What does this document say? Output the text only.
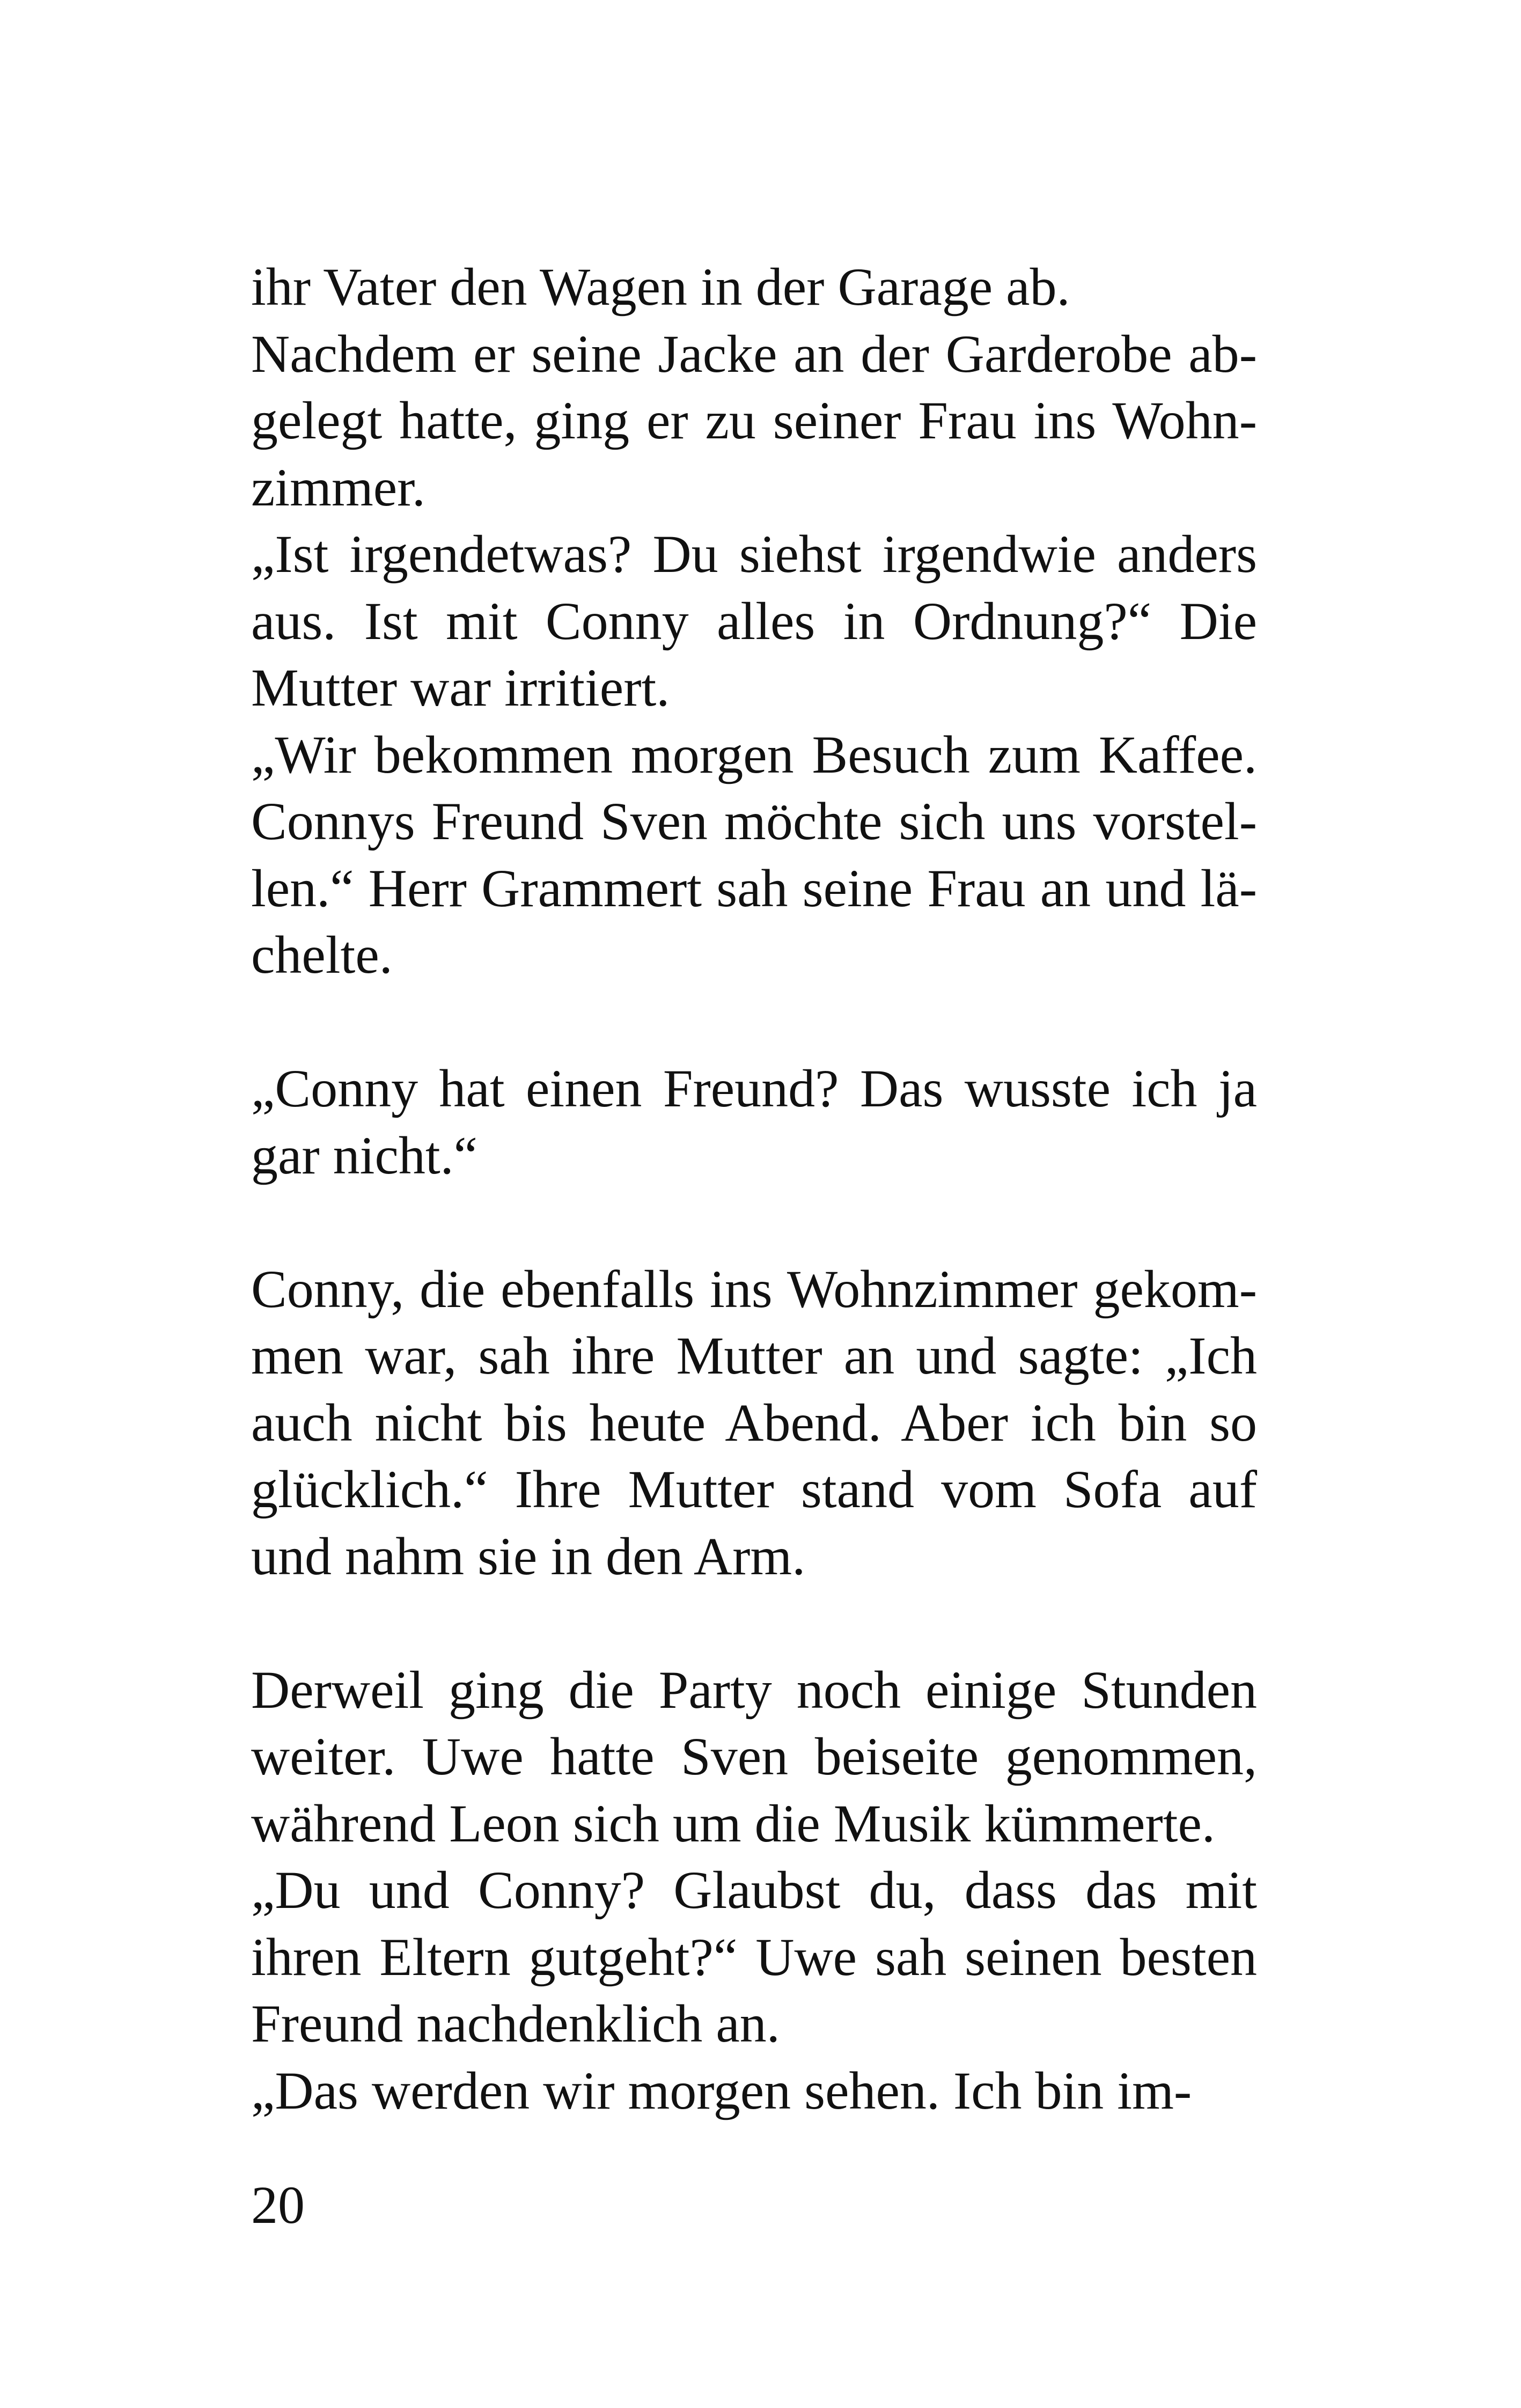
ihr Vater den Wagen in der Garage ab.

Nachdem er seine Jacke an der Garderobe abgelegt hatte, ging er zu seiner Frau ins Wohnzimmer.

„Ist irgendetwas? Du siehst irgendwie anders aus. Ist mit Conny alles in Ordnung?“ Die Mutter war irritiert.

„Wir bekommen morgen Besuch zum Kaffee. Connys Freund Sven möchte sich uns vorstellen.“ Herr Grammert sah seine Frau an und lächelte.

„Conny hat einen Freund? Das wusste ich ja gar nicht.“

Conny, die ebenfalls ins Wohnzimmer gekommen war, sah ihre Mutter an und sagte: „Ich auch nicht bis heute Abend. Aber ich bin so glücklich.“ Ihre Mutter stand vom Sofa auf und nahm sie in den Arm.

Derweil ging die Party noch einige Stunden weiter. Uwe hatte Sven beiseite genommen, während Leon sich um die Musik kümmerte.

„Du und Conny? Glaubst du, dass das mit ihren Eltern gutgeht?“ Uwe sah seinen besten Freund nachdenklich an.

„Das werden wir morgen sehen. Ich bin im-

20
